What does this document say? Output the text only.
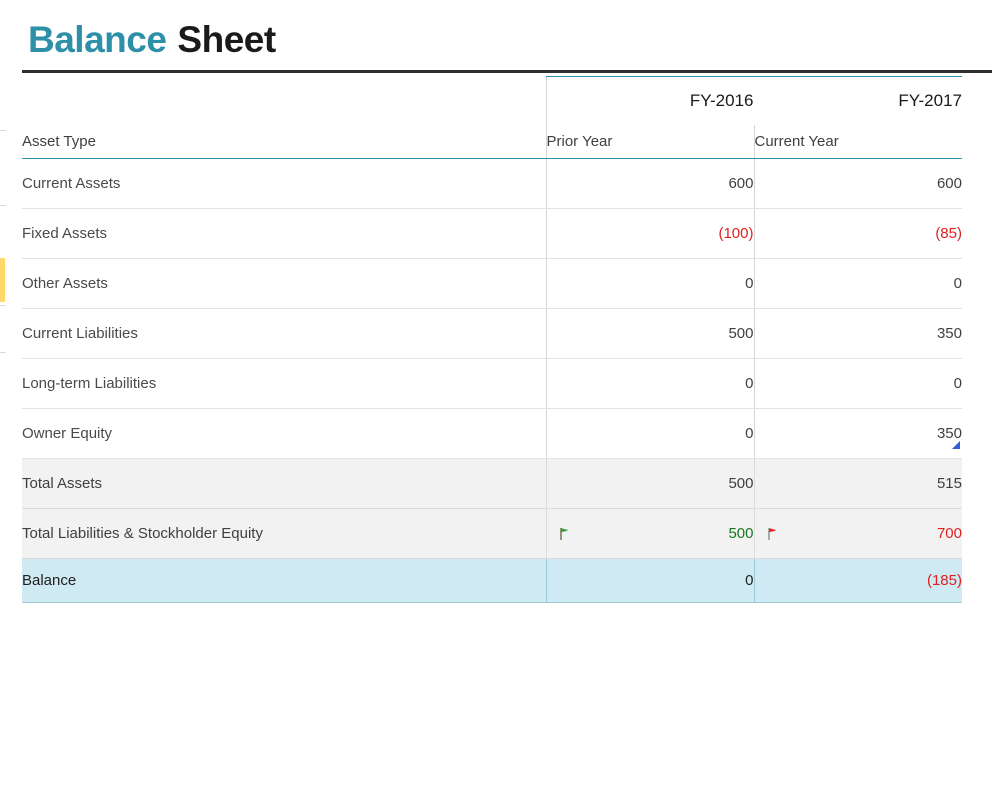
Balance Sheet
	FY-2016	FY-2017
Asset Type	Prior Year	Current Year
Current Assets	600	600
Fixed Assets	(100)	(85)
Other Assets	0	0
Current Liabilities	500	350
Long-term Liabilities	0	0
Owner Equity	0	350
Total Assets	500	515
Total Liabilities & Stockholder Equity	500	700
Balance	0	(185)
